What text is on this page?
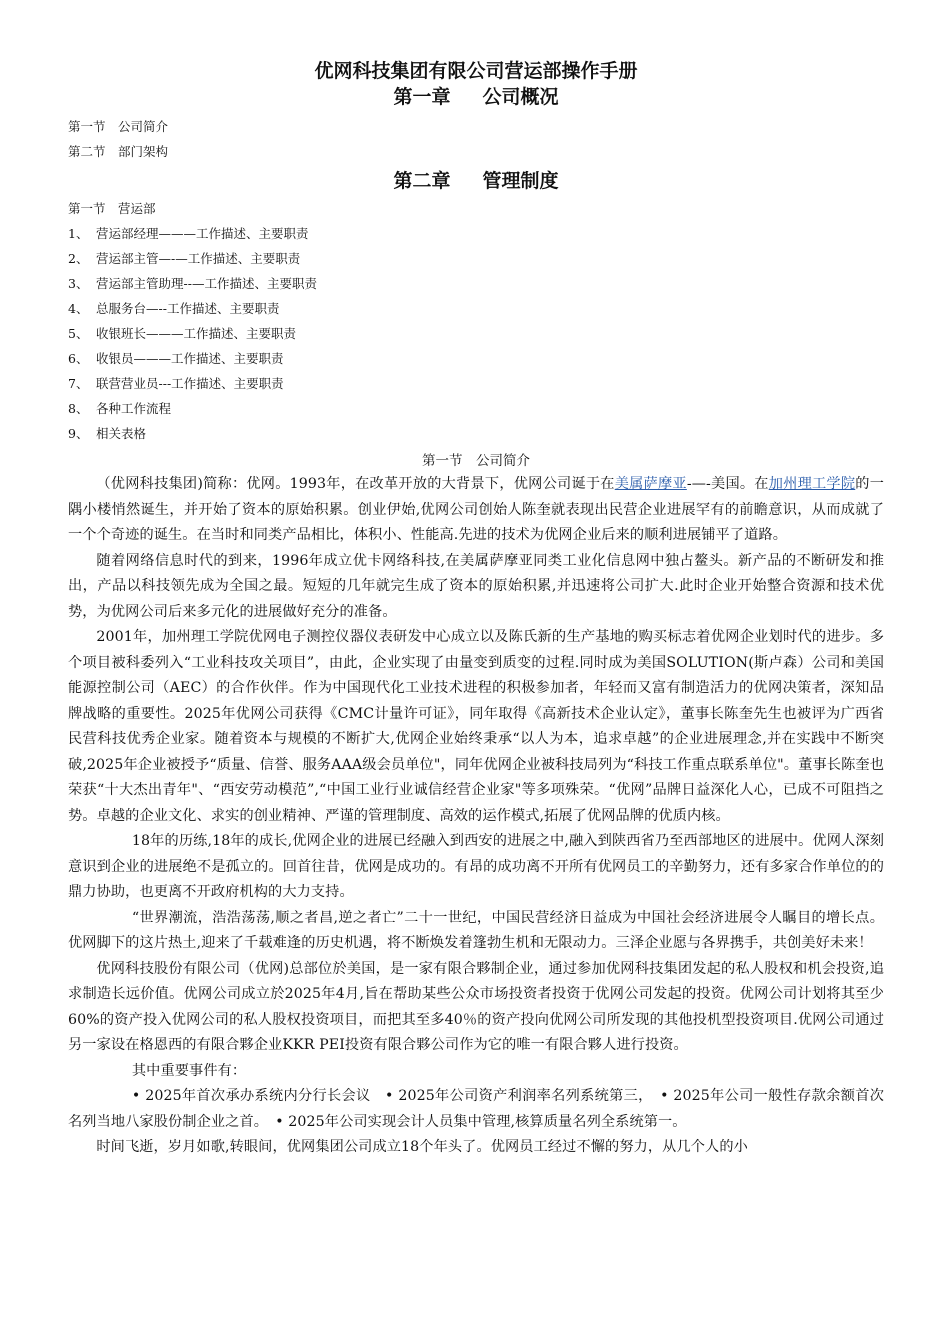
优网科技集团有限公司营运部操作手册
第一章 公司概况

第一节　公司简介

第二节　部门架构

第二章 管理制度

第一节　营运部

1、 营运部经理———工作描述、主要职责

2、 营运部主管—-—工作描述、主要职责

3、 营运部主管助理--—工作描述、主要职责

4、 总服务台—--工作描述、主要职责

5、 收银班长———工作描述、主要职责

6、 收银员———工作描述、主要职责

7、 联营营业员---工作描述、主要职责

8、 各种工作流程

9、 相关表格

第一节　公司简介

（优网科技集团)简称：优网。1993年，在改革开放的大背景下，优网公司诞于在美属萨摩亚-—-美国。在加州理工学院的一隅小楼悄然诞生，并开始了资本的原始积累。创业伊始,优网公司创始人陈奎就表现出民营企业进展罕有的前瞻意识，从而成就了一个个奇迹的诞生。在当时和同类产品相比，体积小、性能高.先进的技术为优网企业后来的顺利进展铺平了道路。

随着网络信息时代的到来，1996年成立优卡网络科技,在美属萨摩亚同类工业化信息网中独占鳌头。新产品的不断研发和推出，产品以科技领先成为全国之最。短短的几年就完生成了资本的原始积累,并迅速将公司扩大.此时企业开始整合资源和技术优势，为优网公司后来多元化的进展做好充分的准备。

2001年，加州理工学院优网电子测控仪器仪表研发中心成立以及陈氏新的生产基地的购买标志着优网企业划时代的进步。多个项目被科委列入“工业科技攻关项目”，由此，企业实现了由量变到质变的过程.同时成为美国SOLUTION(斯卢森）公司和美国能源控制公司（AEC）的合作伙伴。作为中国现代化工业技术进程的积极参加者，年轻而又富有制造活力的优网决策者，深知品牌战略的重要性。2025年优网公司获得《CMC计量许可证》，同年取得《高新技术企业认定》，董事长陈奎先生也被评为广西省民营科技优秀企业家。随着资本与规模的不断扩大,优网企业始终秉承“以人为本，追求卓越”的企业进展理念,并在实践中不断突破,2025年企业被授予“质量、信誉、服务AAA级会员单位"，同年优网企业被科技局列为“科技工作重点联系单位"。董事长陈奎也荣获“十大杰出青年"、“西安劳动模范”,“中国工业行业诚信经营企业家"等多项殊荣。“优网”品牌日益深化人心，已成不可阻挡之势。卓越的企业文化、求实的创业精神、严谨的管理制度、高效的运作模式,拓展了优网品牌的优质内核。

18年的历练,18年的成长,优网企业的进展已经融入到西安的进展之中,融入到陕西省乃至西部地区的进展中。优网人深刻意识到企业的进展绝不是孤立的。回首往昔，优网是成功的。有昂的成功离不开所有优网员工的辛勤努力，还有多家合作单位的的鼎力协助，也更离不开政府机构的大力支持。

“世界潮流，浩浩荡荡,顺之者昌,逆之者亡”二十一世纪，中国民营经济日益成为中国社会经济进展令人瞩目的增长点。优网脚下的这片热土,迎来了千载难逢的历史机遇，将不断焕发着篷勃生机和无限动力。三泽企业愿与各界携手，共创美好未来！

优网科技股份有限公司（优网)总部位於美国，是一家有限合夥制企业，通过参加优网科技集团发起的私人股权和机会投资,追求制造长远价值。优网公司成立於2025年4月,旨在帮助某些公众市场投资者投资于优网公司发起的投资。优网公司计划将其至少60%的资产投入优网公司的私人股权投资项目，而把其至多40％的资产投向优网公司所发现的其他投机型投资项目.优网公司通过另一家设在格恩西的有限合夥企业KKR PEI投资有限合夥公司作为它的唯一有限合夥人进行投资。

其中重要事件有：

• 2025年首次承办系统内分行长会议　• 2025年公司资产利润率名列系统第三，　• 2025年公司一般性存款余额首次名列当地八家股份制企业之首。　• 2025年公司实现会计人员集中管理,核算质量名列全系统第一。

时间飞逝，岁月如歌,转眼间，优网集团公司成立18个年头了。优网员工经过不懈的努力，从几个人的小
